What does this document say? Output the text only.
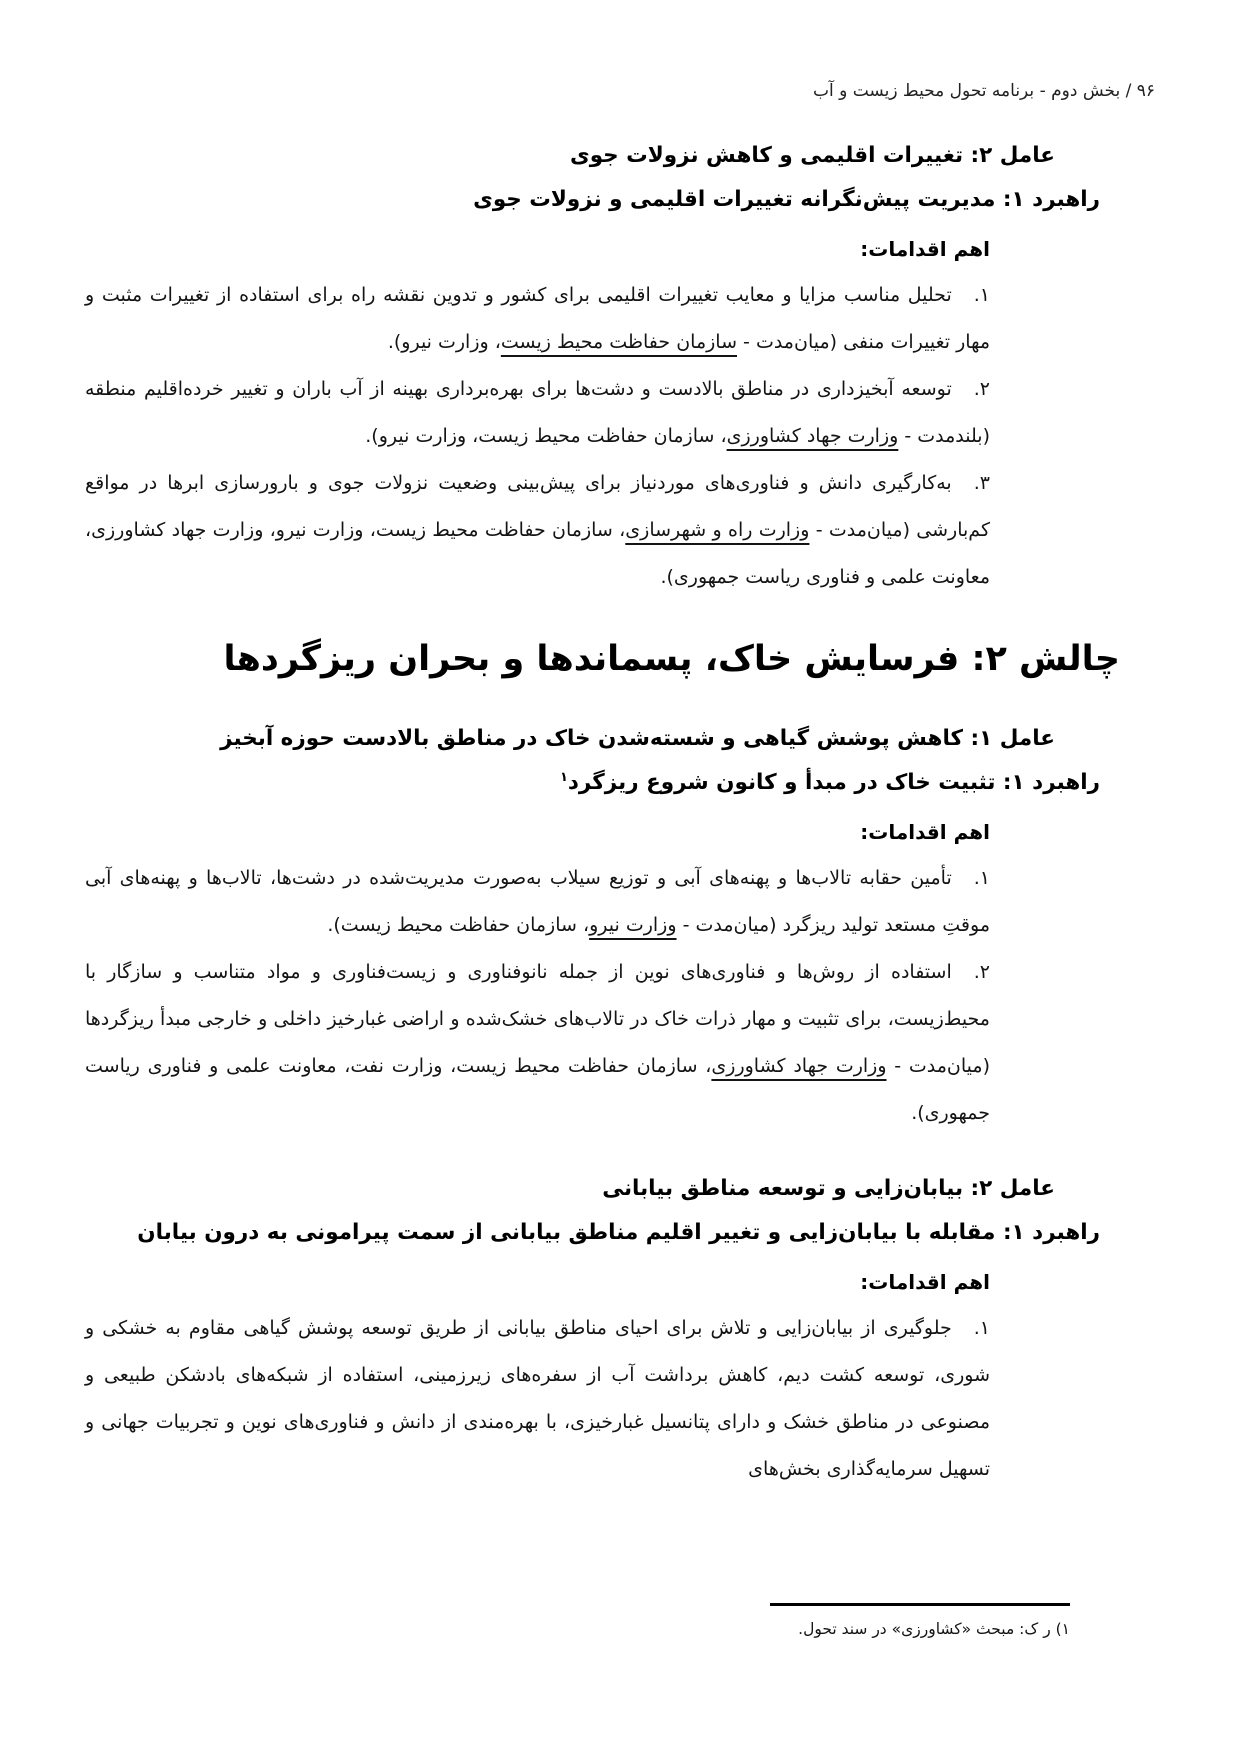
۹۶ / بخش دوم - برنامه تحول محیط زیست و آب
عامل ۲: تغییرات اقلیمی و کاهش نزولات جوی
راهبرد ۱: مدیریت پیش‌نگرانه تغییرات اقلیمی و نزولات جوی
اهم اقدامات:

۱.تحلیل مناسب مزایا و معایب تغییرات اقلیمی برای کشور و تدوین نقشه راه برای استفاده از تغییرات مثبت و مهار تغییرات منفی (میان‌مدت - سازمان حفاظت محیط زیست، وزارت نیرو).

۲.توسعه آبخیزداری در مناطق بالادست و دشت‌ها برای بهره‌برداری بهینه از آب باران و تغییر خرده‌اقلیم منطقه (بلندمدت - وزارت جهاد کشاورزی، سازمان حفاظت محیط زیست، وزارت نیرو).

۳.به‌کارگیری دانش و فناوری‌های موردنیاز برای پیش‌بینی وضعیت نزولات جوی و بارورسازی ابرها در مواقع کم‌بارشی (میان‌مدت - وزارت راه و شهرسازی، سازمان حفاظت محیط زیست، وزارت نیرو، وزارت جهاد کشاورزی، معاونت علمی و فناوری ریاست جمهوری).

چالش ۲: فرسایش خاک، پسماندها و بحران ریزگردها
عامل ۱: کاهش پوشش گیاهی و شسته‌شدن خاک در مناطق بالادست حوزه آبخیز
راهبرد ۱: تثبیت خاک در مبدأ و کانون شروع ریزگرد$^۱$
اهم اقدامات:

۱.تأمین حقابه تالاب‌ها و پهنه‌های آبی و توزیع سیلاب به‌صورت مدیریت‌شده در دشت‌ها، تالاب‌ها و پهنه‌های آبی موقتِ مستعد تولید ریزگرد (میان‌مدت - وزارت نیرو، سازمان حفاظت محیط زیست).

۲.استفاده از روش‌ها و فناوری‌های نوین از جمله نانوفناوری و زیست‌فناوری و مواد متناسب و سازگار با محیط‌زیست، برای تثبیت و مهار ذرات خاک در تالاب‌های خشک‌شده و اراضی غبارخیز داخلی و خارجی مبدأ ریزگردها (میان‌مدت - وزارت جهاد کشاورزی، سازمان حفاظت محیط زیست، وزارت نفت، معاونت علمی و فناوری ریاست جمهوری).

عامل ۲: بیابان‌زایی و توسعه مناطق بیابانی
راهبرد ۱: مقابله با بیابان‌زایی و تغییر اقلیم مناطق بیابانی از سمت پیرامونی به درون بیابان
اهم اقدامات:

۱.جلوگیری از بیابان‌زایی و تلاش برای احیای مناطق بیابانی از طریق توسعه پوشش گیاهی مقاوم به خشکی و شوری، توسعه کشت دیم، کاهش برداشت آب از سفره‌های زیرزمینی، استفاده از شبکه‌های بادشکن طبیعی و مصنوعی در مناطق خشک و دارای پتانسیل غبارخیزی، با بهره‌مندی از دانش و فناوری‌های نوین و تجربیات جهانی و تسهیل سرمایه‌گذاری بخش‌های

۱) ر ک: مبحث «کشاورزی» در سند تحول.
